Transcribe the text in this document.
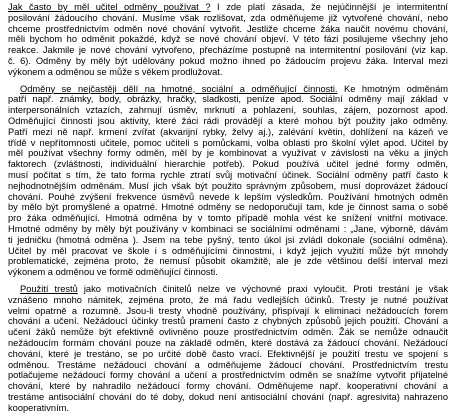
Jak často by měl učitel odměny používat ? I zde platí zásada, že nejúčinnější je intermitentní
posilování žádoucího chování. Musíme však rozlišovat, zda odměňujeme již vytvořené chování, nebo
chceme prostřednictvím odměn nové chování vytvořit. Jestliže chceme žáka naučit novému chování,
měli bychom ho odměnit pokaždé, když se nové chování objeví. V této fázi posilujeme všechny jeho
reakce. Jakmile je nové chování vytvořeno, přecházíme postupně na intermitentní posilování (viz kap.
č. 6). Odměny by měly být udělovány pokud možno ihned po žádoucím projevu žáka. Interval mezi
výkonem a odměnou se může s věkem prodlužovat.
Odměny se nejčastěji dělí na hmotné, sociální a odměňující činnosti. Ke hmotným odměnám
patří např. známky, body, obrázky, hračky, sladkosti, peníze apod. Sociální odměny mají základ v
interpersonálních vztazích, zahrnují úsměv, mrknutí a pohlazení, souhlas, zájem, pozornost apod.
Odměňující činnosti jsou aktivity, které žáci rádi provádějí a které mohou být použity jako odměny.
Patří mezi ně např. krmení zvířat (akvarijní rybky, želvy aj.), zalévání květin, dohlížení na kázeň ve
třídě v nepřítomnosti učitele, pomoc učiteli s pomůckami, volba oblasti pro školní výlet apod. Učitel by
měl používat všechny formy odměn, měl by je kombinovat a využívat v závislosti na věku a jiných
faktorech (zvláštnosti, individuální hierarchie potřeb). Pokud používá učitel jedné formy odměn,
musí počítat s tím, že tato forma rychle ztratí svůj motivační účinek. Sociální odměny patří často k
nejhodnotnějším odměnám. Musí jich však být použito správným způsobem, musí doprovázet žádoucí
chování. Pouhé zvýšení frekvence úsměvů nevede k lepším výsledkům. Používání hmotných odměn
by mělo být promyšlené a opatrné. Hmotné odměny se nedoporučují tam, kde je činnost sama o sobě
pro žáka odměňující. Hmotná odměna by v tomto případě mohla vést ke snížení vnitřní motivace.
Hmotné odměny by měly být používány v kombinaci se sociálními odměnami : „Jane, výborně, dávám
ti jedničku (hmotná odměna ). Jsem na tebe pyšný, tento úkol jsi zvládl dokonale (sociální odměna).
Učitel by měl pracovat ve škole i s odměňujícími činnostmi, i když jejich využití může být mnohdy
problematické, zejména proto, že nemusí působit okamžitě, ale je zde většinou delší interval mezi
výkonem a odměnou ve formě odměňující činnosti.
Použití trestů jako motivačních činitelů nelze ve výchovné praxi vyloučit. Proti trestání je však
vznášeno mnoho námitek, zejména proto, že má řadu vedlejších účinků. Tresty je nutné používat
velmi opatrně a rozumně. Jsou-li tresty vhodně používány, přispívají k eliminaci nežádoucích forem
chování a učení. Nežádoucí účinky trestů pramení často z chybných způsobů jejich použití. Chování a
učení žáků nemůže být efektivně ovlivněno pouze prostřednictvím odměn. Žák se nemůže odnaučit
nežádoucím formám chování pouze na základě odměn, které dostává za žádoucí chování. Nežádoucí
chování, které je trestáno, se po určité době často vrací. Efektivnější je použití trestu ve spojení s
odměnou. Trestáme nežádoucí chování a odměňujeme žádoucí chování. Prostřednictvím trestu
potlačujeme nežádoucí formy chování a učení a prostřednictvím odměn se snažíme vytvořit přijatelné
chování, které by nahradilo nežádoucí formy chování. Odměňujeme např. kooperativní chování a
trestáme antisociální chování do té doby, dokud není antisociální chování (např. agresivita) nahrazeno
kooperativním.
